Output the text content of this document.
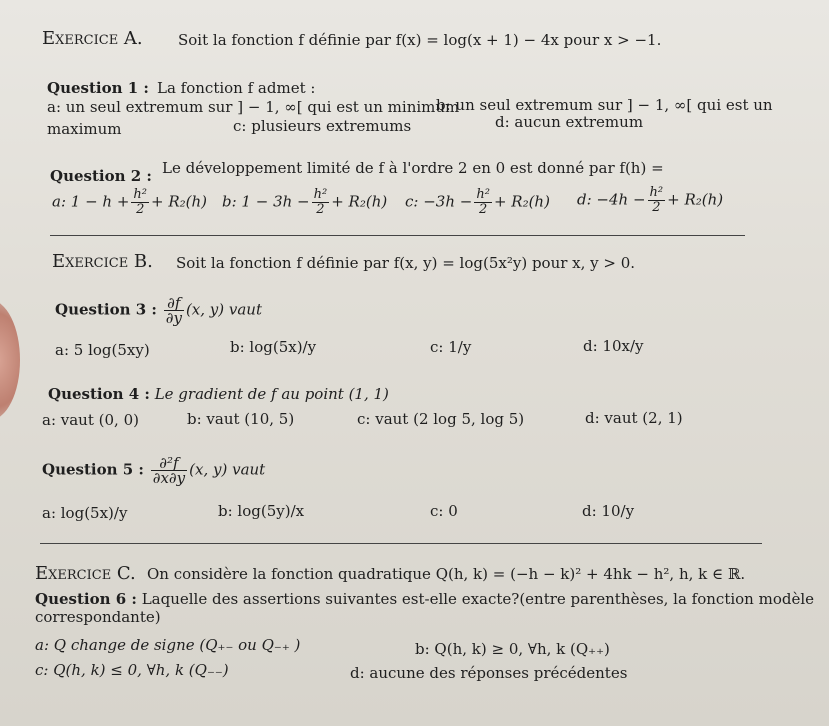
Exercice A. Soit la fonction f définie par f(x) = log(x + 1) − 4x pour x > −1.
Question 1 : La fonction f admet :
a: un seul extremum sur ] − 1, ∞[ qui est un minimum
b: un seul extremum sur ] − 1, ∞[ qui est un
maximum	c: plusieurs extremums	d: aucun extremum
Question 2 : Le développement limité de f à l'ordre 2 en 0 est donné par f(h) =
a: $1 - h + \frac{\text{h²}}{2} + R_2(h)$ b: $1 - 3h - \frac{\text{h²}}{2} + R_2(h)$ c: $-3h - \frac{\text{h²}}{2} + R_2(h)$ d: $-4h - \frac{\text{h²}}{2} + R_2(h)$
Exercice B. Soit la fonction f définie par f(x, y) = log(5x²y) pour x, y > 0.
Question 3 : $\frac{\partial f}{\partial y} (x$, y) vaut
a: 5 log(5xy)	b: log(5x)/y	c: 1/y	d: 10x/y
Question 4 : Le gradient de f au point (1, 1)
a: vaut (0, 0)	b: vaut (10, 5)	c: vaut (2 log 5, log 5)	d: vaut (2, 1)
Question 5 : $\frac{\text{∂²f}}{\partial x\partial y} (x$, y) vaut
a: log(5x)/y	b: log(5y)/x	c: 0	d: 10/y
Exercice C. On considère la fonction quadratique Q(h, k) = (−h − k)² + 4hk − h², h, k ∈ ℝ.
Question 6 : Laquelle des assertions suivantes est-elle exacte?(entre parenthèses, la fonction modèle
correspondante)
a: Q change de signe (Q₊₋ ou Q₋₊ )	b: Q(h, k) ≥ 0, ∀h, k (Q₊₊)
c: Q(h, k) ≤ 0, ∀h, k (Q₋₋)	d: aucune des réponses précédentes
